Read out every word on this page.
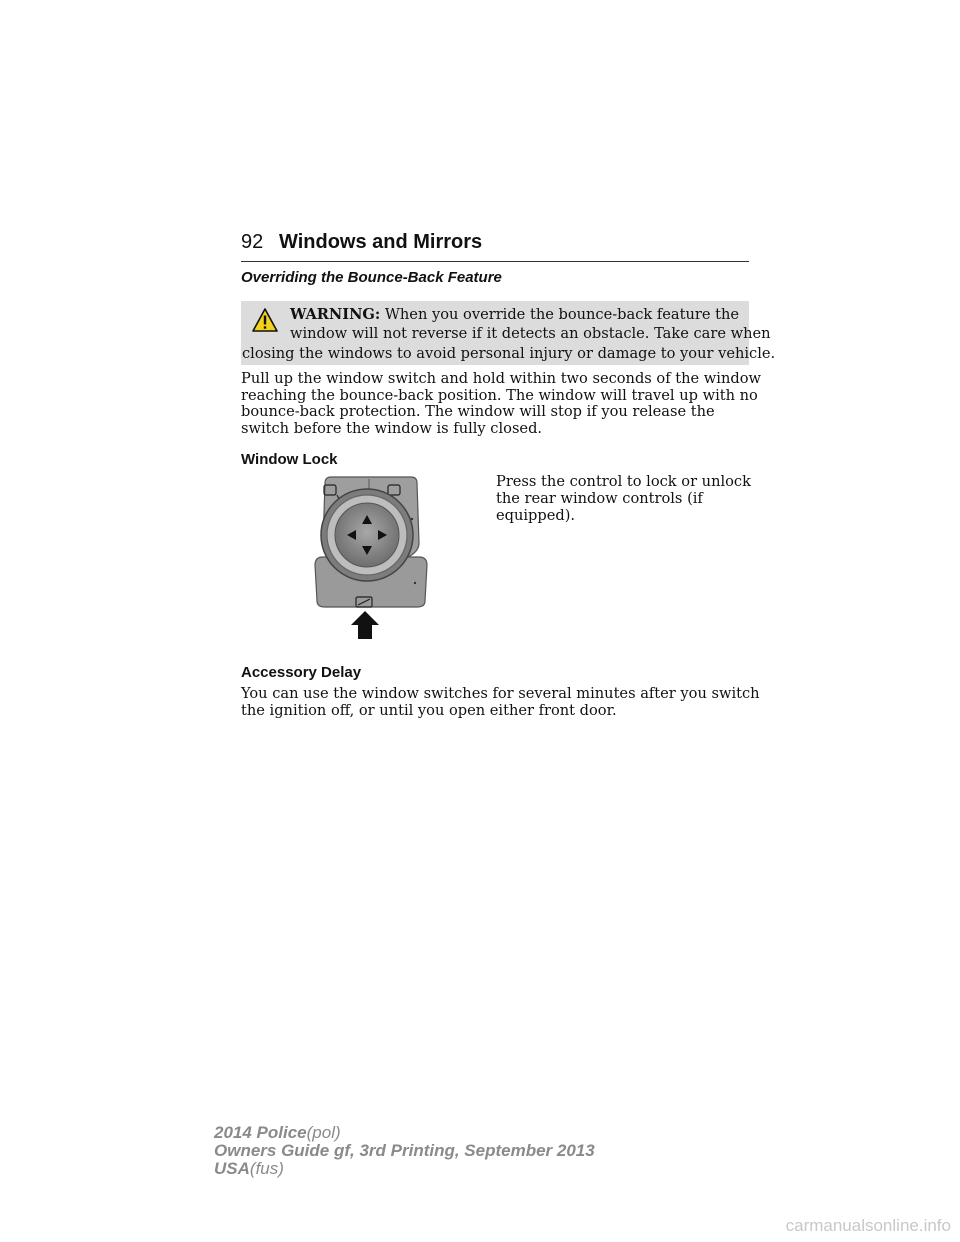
92 Windows and Mirrors
Overriding the Bounce-Back Feature
WARNING: When you override the bounce-back feature the
window will not reverse if it detects an obstacle. Take care when
closing the windows to avoid personal injury or damage to your vehicle.
Pull up the window switch and hold within two seconds of the window reaching the bounce-back position. The window will travel up with no bounce-back protection. The window will stop if you release the switch before the window is fully closed.
Window Lock
Press the control to lock or unlock the rear window controls (if equipped).
Accessory Delay
You can use the window switches for several minutes after you switch the ignition off, or until you open either front door.
2014 Police(pol)
Owners Guide gf, 3rd Printing, September 2013
USA(fus)
carmanualsonline.info
